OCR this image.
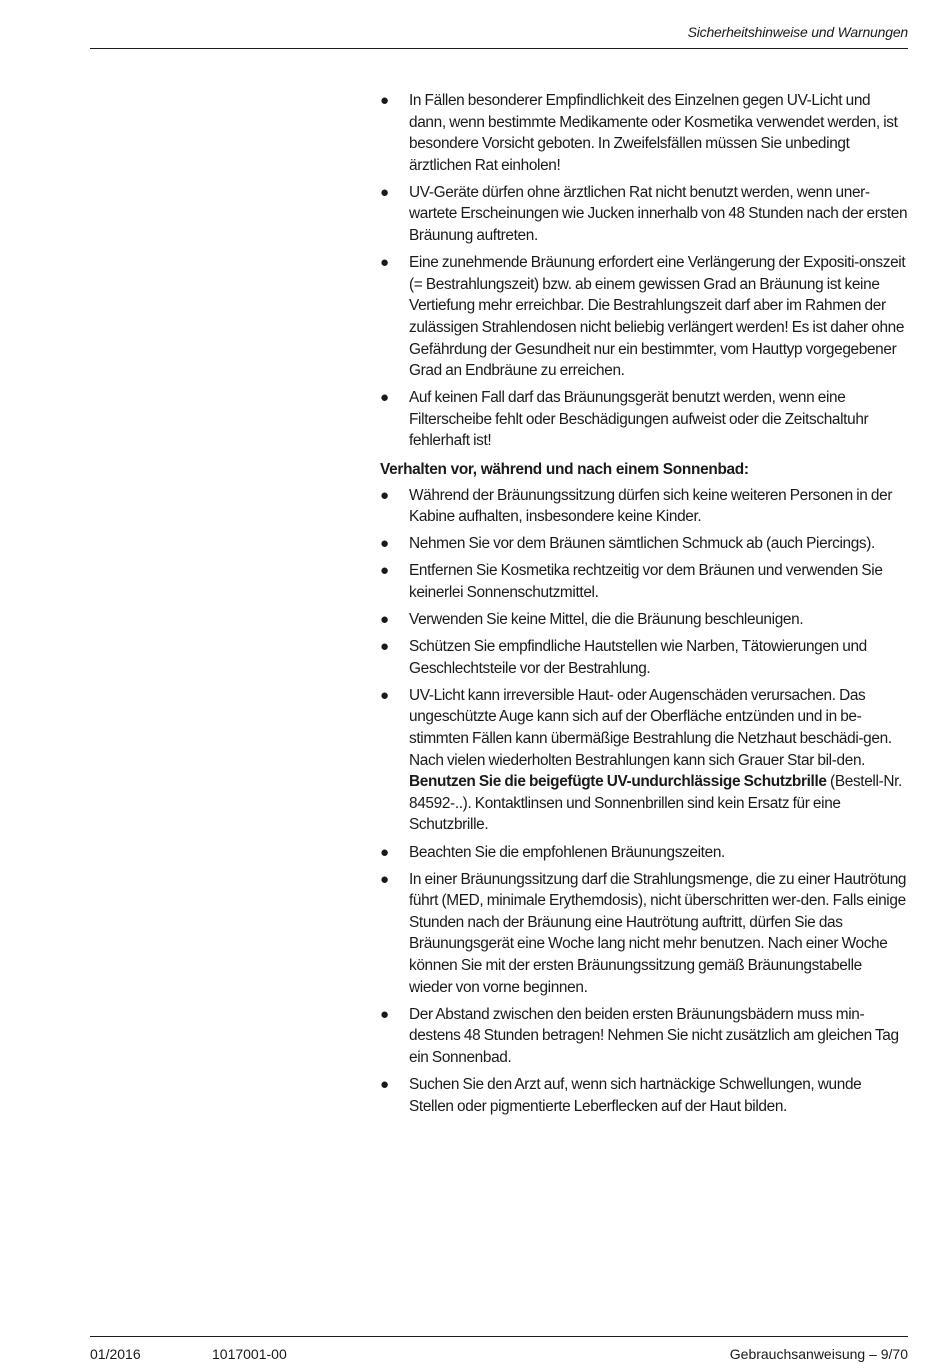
Sicherheitshinweise und Warnungen
● In Fällen besonderer Empfindlichkeit des Einzelnen gegen UV-Licht und dann, wenn bestimmte Medikamente oder Kosmetika verwendet werden, ist besondere Vorsicht geboten. In Zweifelsfällen müssen Sie unbedingt ärztlichen Rat einholen!
● UV-Geräte dürfen ohne ärztlichen Rat nicht benutzt werden, wenn uner-wartete Erscheinungen wie Jucken innerhalb von 48 Stunden nach der ersten Bräunung auftreten.
● Eine zunehmende Bräunung erfordert eine Verlängerung der Expositi-onszeit (= Bestrahlungszeit) bzw. ab einem gewissen Grad an Bräunung ist keine Vertiefung mehr erreichbar. Die Bestrahlungszeit darf aber im Rahmen der zulässigen Strahlendosen nicht beliebig verlängert werden! Es ist daher ohne Gefährdung der Gesundheit nur ein bestimmter, vom Hauttyp vorgegebener Grad an Endbräune zu erreichen.
● Auf keinen Fall darf das Bräunungsgerät benutzt werden, wenn eine Filterscheibe fehlt oder Beschädigungen aufweist oder die Zeitschaltuhr fehlerhaft ist!
Verhalten vor, während und nach einem Sonnenbad:
● Während der Bräunungssitzung dürfen sich keine weiteren Personen in der Kabine aufhalten, insbesondere keine Kinder.
● Nehmen Sie vor dem Bräunen sämtlichen Schmuck ab (auch Piercings).
● Entfernen Sie Kosmetika rechtzeitig vor dem Bräunen und verwenden Sie keinerlei Sonnenschutzmittel.
● Verwenden Sie keine Mittel, die die Bräunung beschleunigen.
● Schützen Sie empfindliche Hautstellen wie Narben, Tätowierungen und Geschlechtsteile vor der Bestrahlung.
● UV-Licht kann irreversible Haut- oder Augenschäden verursachen. Das ungeschützte Auge kann sich auf der Oberfläche entzünden und in be-stimmten Fällen kann übermäßige Bestrahlung die Netzhaut beschädi-gen. Nach vielen wiederholten Bestrahlungen kann sich Grauer Star bil-den. Benutzen Sie die beigefügte UV-undurchlässige Schutzbrille (Bestell-Nr. 84592-..). Kontaktlinsen und Sonnenbrillen sind kein Ersatz für eine Schutzbrille.
● Beachten Sie die empfohlenen Bräunungszeiten.
● In einer Bräunungssitzung darf die Strahlungsmenge, die zu einer Hautrötung führt (MED, minimale Erythemdosis), nicht überschritten wer-den. Falls einige Stunden nach der Bräunung eine Hautrötung auftritt, dürfen Sie das Bräunungsgerät eine Woche lang nicht mehr benutzen. Nach einer Woche können Sie mit der ersten Bräunungssitzung gemäß Bräunungstabelle wieder von vorne beginnen.
● Der Abstand zwischen den beiden ersten Bräunungsbädern muss min-destens 48 Stunden betragen! Nehmen Sie nicht zusätzlich am gleichen Tag ein Sonnenbad.
● Suchen Sie den Arzt auf, wenn sich hartnäckige Schwellungen, wunde Stellen oder pigmentierte Leberflecken auf der Haut bilden.
01/2016	1017001-00	Gebrauchsanweisung – 9/70
